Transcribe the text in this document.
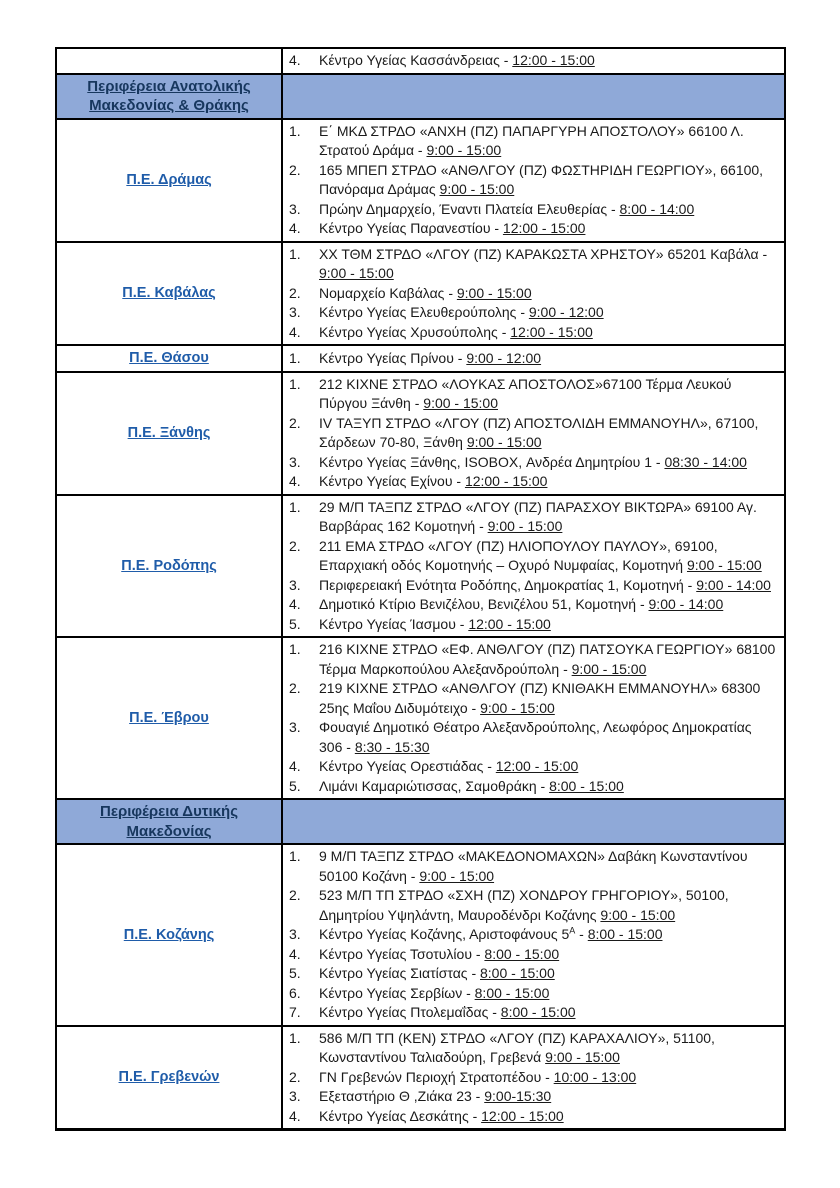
	4. Κέντρο Υγείας Κασσάνδρειας - 12:00 - 15:00

Περιφέρεια Ανατολικής Μακεδονίας & Θράκης	
Π.Ε. Δράμας	
1.	Ε΄ ΜΚΔ ΣΤΡΔΟ «ΑΝΧΗ (ΠΖ) ΠΑΠΑΡΓΥΡΗ ΑΠΟΣΤΟΛΟΥ» 66100 Λ. Στρατού Δράμα - 9:00 - 15:00
2.	165 ΜΠΕΠ ΣΤΡΔΟ «ΑΝΘΛΓΟΥ (ΠΖ) ΦΩΣΤΗΡΙΔΗ ΓΕΩΡΓΙΟΥ», 66100, Πανόραμα Δράμας 9:00 - 15:00
3.	Πρώην Δημαρχείο, Έναντι Πλατεία Ελευθερίας - 8:00 - 14:00
4.	Κέντρο Υγείας Παρανεστίου - 12:00 - 15:00

Π.Ε. Καβάλας	
1.	ΧΧ ΤΘΜ ΣΤΡΔΟ «ΛΓΟΥ (ΠΖ) ΚΑΡΑΚΩΣΤΑ ΧΡΗΣΤΟΥ» 65201 Καβάλα - 9:00 - 15:00
2.	Νομαρχείο Καβάλας - 9:00 - 15:00
3.	Κέντρο Υγείας Ελευθερούπολης - 9:00 - 12:00
4.	Κέντρο Υγείας Χρυσούπολης - 12:00 - 15:00

Π.Ε. Θάσου	1. Κέντρο Υγείας Πρίνου - 9:00 - 12:00

Π.Ε. Ξάνθης	
1.	212 ΚΙΧΝΕ ΣΤΡΔΟ «ΛΟΥΚΑΣ ΑΠΟΣΤΟΛΟΣ»67100 Τέρμα Λευκού Πύργου Ξάνθη - 9:00 - 15:00
2.	IV ΤΑΞΥΠ ΣΤΡΔΟ «ΛΓΟΥ (ΠΖ) ΑΠΟΣΤΟΛΙΔΗ ΕΜΜΑΝΟΥΗΛ», 67100, Σάρδεων 70-80, Ξάνθη 9:00 - 15:00
3.	Κέντρο Υγείας Ξάνθης, ISOBOX, Ανδρέα Δημητρίου 1 - 08:30 - 14:00
4.	Κέντρο Υγείας Εχίνου - 12:00 - 15:00

Π.Ε. Ροδόπης	
1.	29 Μ/Π ΤΑΞΠΖ ΣΤΡΔΟ «ΛΓΟΥ (ΠΖ) ΠΑΡΑΣΧΟΥ ΒΙΚΤΩΡΑ» 69100 Αγ. Βαρβάρας 162 Κομοτηνή - 9:00 - 15:00
2.	211 ΕΜΑ ΣΤΡΔΟ «ΛΓΟΥ (ΠΖ) ΗΛΙΟΠΟΥΛΟΥ ΠΑΥΛΟΥ», 69100, Επαρχιακή οδός Κομοτηνής – Οχυρό Νυμφαίας, Κομοτηνή 9:00 - 15:00
3.	Περιφερειακή Ενότητα Ροδόπης, Δημοκρατίας 1, Κομοτηνή - 9:00 - 14:00
4.	Δημοτικό Κτίριο Βενιζέλου, Βενιζέλου 51, Κομοτηνή - 9:00 - 14:00
5.	Κέντρο Υγείας Ίασμου - 12:00 - 15:00

Π.Ε. Έβρου	
1.	216 ΚΙΧΝΕ ΣΤΡΔΟ «ΕΦ. ΑΝΘΛΓΟΥ (ΠΖ) ΠΑΤΣΟΥΚΑ ΓΕΩΡΓΙΟΥ» 68100 Τέρμα Μαρκοπούλου Αλεξανδρούπολη - 9:00 - 15:00
2.	219 ΚΙΧΝΕ ΣΤΡΔΟ «ΑΝΘΛΓΟΥ (ΠΖ) ΚΝΙΘΑΚΗ ΕΜΜΑΝΟΥΗΛ» 68300 25ης Μαΐου Διδυμότειχο - 9:00 - 15:00
3.	Φουαγιέ Δημοτικό Θέατρο Αλεξανδρούπολης, Λεωφόρος Δημοκρατίας 306 - 8:30 - 15:30
4.	Κέντρο Υγείας Ορεστιάδας - 12:00 - 15:00
5.	Λιμάνι Καμαριώτισσας, Σαμοθράκη - 8:00 - 15:00

Περιφέρεια Δυτικής Μακεδονίας	
Π.Ε. Κοζάνης	
1.	9 Μ/Π ΤΑΞΠΖ ΣΤΡΔΟ «ΜΑΚΕΔΟΝΟΜΑΧΩΝ» Δαβάκη Κωνσταντίνου 50100 Κοζάνη - 9:00 - 15:00
2.	523 Μ/Π ΤΠ ΣΤΡΔΟ «ΣΧΗ (ΠΖ) ΧΟΝΔΡΟΥ ΓΡΗΓΟΡΙΟΥ», 50100, Δημητρίου Υψηλάντη, Μαυροδένδρι Κοζάνης 9:00 - 15:00
3.	Κέντρο Υγείας Κοζάνης, Αριστοφάνους $5^A$ - 8:00 - 15:00
4.	Κέντρο Υγείας Τσοτυλίου - 8:00 - 15:00
5.	Κέντρο Υγείας Σιατίστας - 8:00 - 15:00
6.	Κέντρο Υγείας Σερβίων - 8:00 - 15:00
7.	Κέντρο Υγείας Πτολεμαΐδας - 8:00 - 15:00

Π.Ε. Γρεβενών	
1.	586 Μ/Π ΤΠ (ΚΕΝ) ΣΤΡΔΟ «ΛΓΟΥ (ΠΖ) ΚΑΡΑΧΑΛΙΟΥ», 51100, Κωνσταντίνου Ταλιαδούρη, Γρεβενά 9:00 - 15:00
2.	ΓΝ Γρεβενών Περιοχή Στρατοπέδου - 10:00 - 13:00
3.	Εξεταστήριο Θ ,Ζιάκα 23 - 9:00-15:30
4.	Κέντρο Υγείας Δεσκάτης - 12:00 - 15:00
